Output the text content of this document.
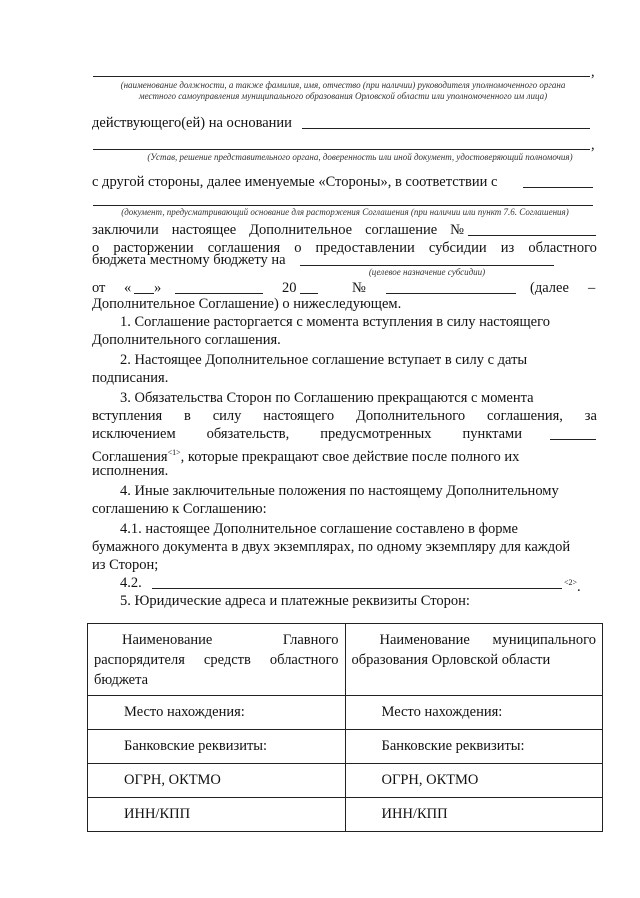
,
(наименование должности, а также фамилия, имя, отчество (при наличии) руководителя уполномоченного органа
местного самоуправления муниципального образования Орловской области или уполномоченного им лица)
действующего(ей) на основании
,
(Устав, решение представительного органа, доверенность или иной документ, удостоверяющий полномочия)
с другой стороны, далее именуемые «Стороны», в соответствии с
(документ, предусматривающий основание для расторжения Соглашения (при наличии или пункт 7.6. Соглашения)
заключили настоящее Дополнительное соглашение №
о расторжении соглашения о предоставлении субсидии из областного
бюджета местному бюджету на
(целевое назначение субсидии)
от « »	20	№	(далее –
Дополнительное Соглашение) о нижеследующем.
1. Соглашение расторгается с момента вступления в силу настоящего
Дополнительного соглашения.
2. Настоящее Дополнительное соглашение вступает в силу с даты
подписания.
3. Обязательства Сторон по Соглашению прекращаются с момента
вступления в силу настоящего Дополнительного соглашения, за
исключением обязательств, предусмотренных пунктами
Соглашения$^{<1>}$, которые прекращают свое действие после полного их
исполнения.
4. Иные заключительные положения по настоящему Дополнительному
соглашению к Соглашению:
4.1. настоящее Дополнительное соглашение составлено в форме
бумажного документа в двух экземплярах, по одному экземпляру для каждой
из Сторон;
4.2.	$^{<2>}$.
5. Юридические адреса и платежные реквизиты Сторон:
Наименование Главного распорядителя средств областного бюджета	Наименование муниципального образования Орловской области

Место нахождения:	Место нахождения:

Банковские реквизиты:	Банковские реквизиты:

ОГРН, ОКТМО	ОГРН, ОКТМО

ИНН/КПП	ИНН/КПП
